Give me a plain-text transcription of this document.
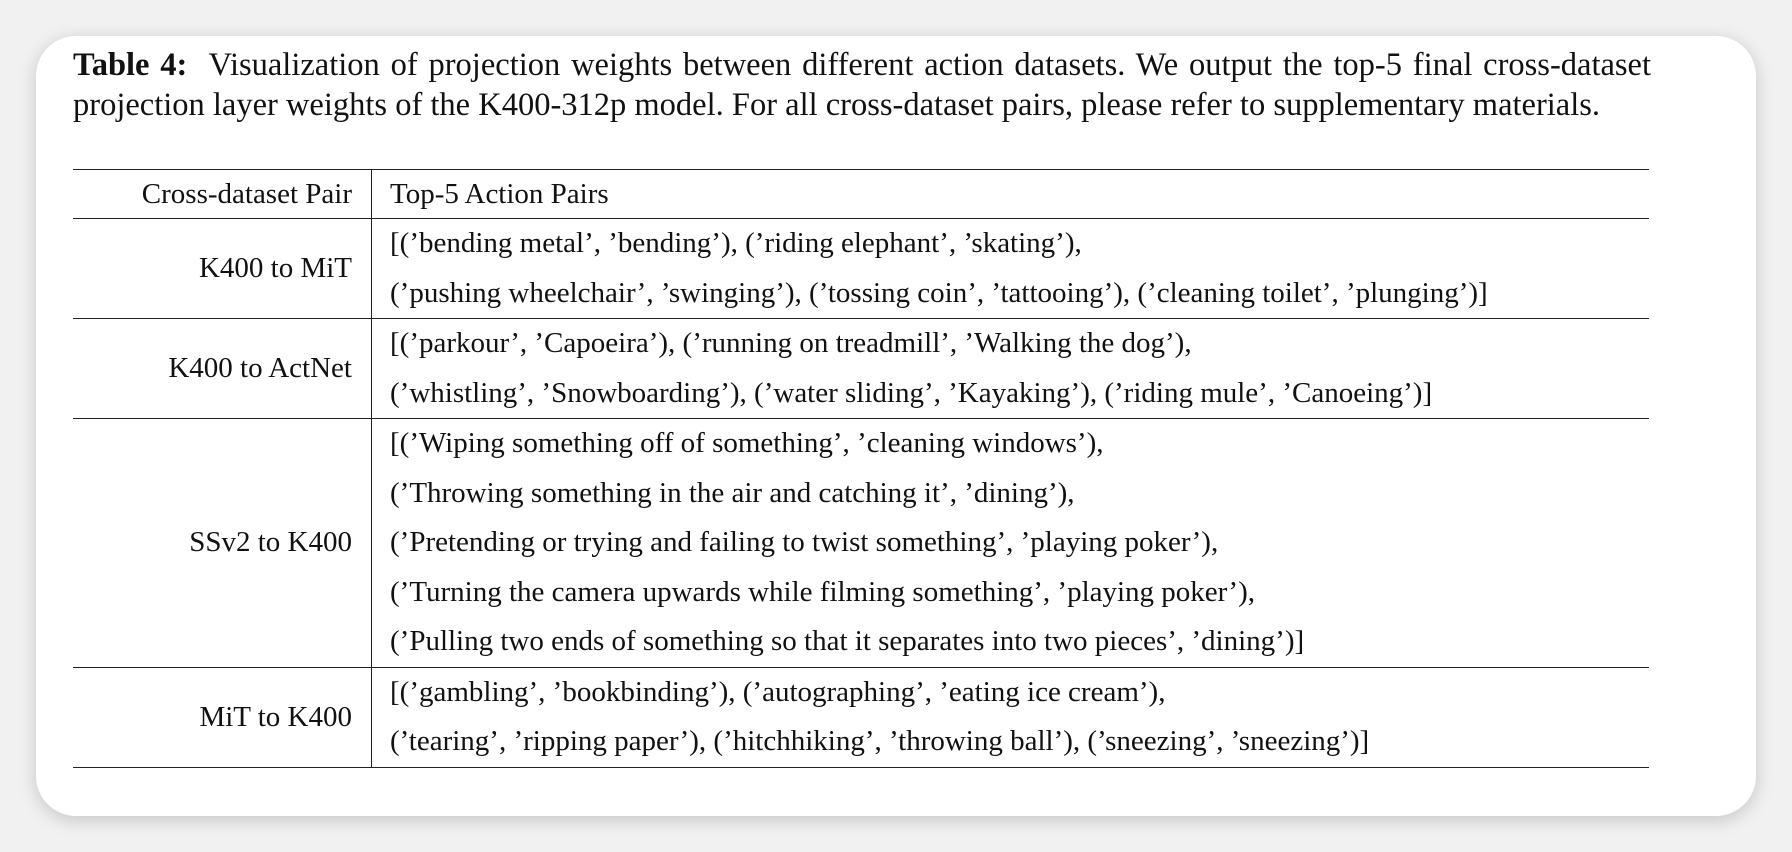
Table 4: Visualization of projection weights between different action datasets. We output the top-5 final cross-dataset projection layer weights of the K400-312p model. For all cross-dataset pairs, please refer to supplementary materials.
Cross-dataset Pair	Top-5 Action Pairs
K400 to MiT	[(’bending metal’, ’bending’), (’riding elephant’, ’skating’),
(’pushing wheelchair’, ’swinging’), (’tossing coin’, ’tattooing’), (’cleaning toilet’, ’plunging’)]

K400 to ActNet	[(’parkour’, ’Capoeira’), (’running on treadmill’, ’Walking the dog’),
(’whistling’, ’Snowboarding’), (’water sliding’, ’Kayaking’), (’riding mule’, ’Canoeing’)]

SSv2 to K400	[(’Wiping something off of something’, ’cleaning windows’),
(’Throwing something in the air and catching it’, ’dining’),
(’Pretending or trying and failing to twist something’, ’playing poker’),
(’Turning the camera upwards while filming something’, ’playing poker’),
(’Pulling two ends of something so that it separates into two pieces’, ’dining’)]

MiT to K400	[(’gambling’, ’bookbinding’), (’autographing’, ’eating ice cream’),
(’tearing’, ’ripping paper’), (’hitchhiking’, ’throwing ball’), (’sneezing’, ’sneezing’)]
